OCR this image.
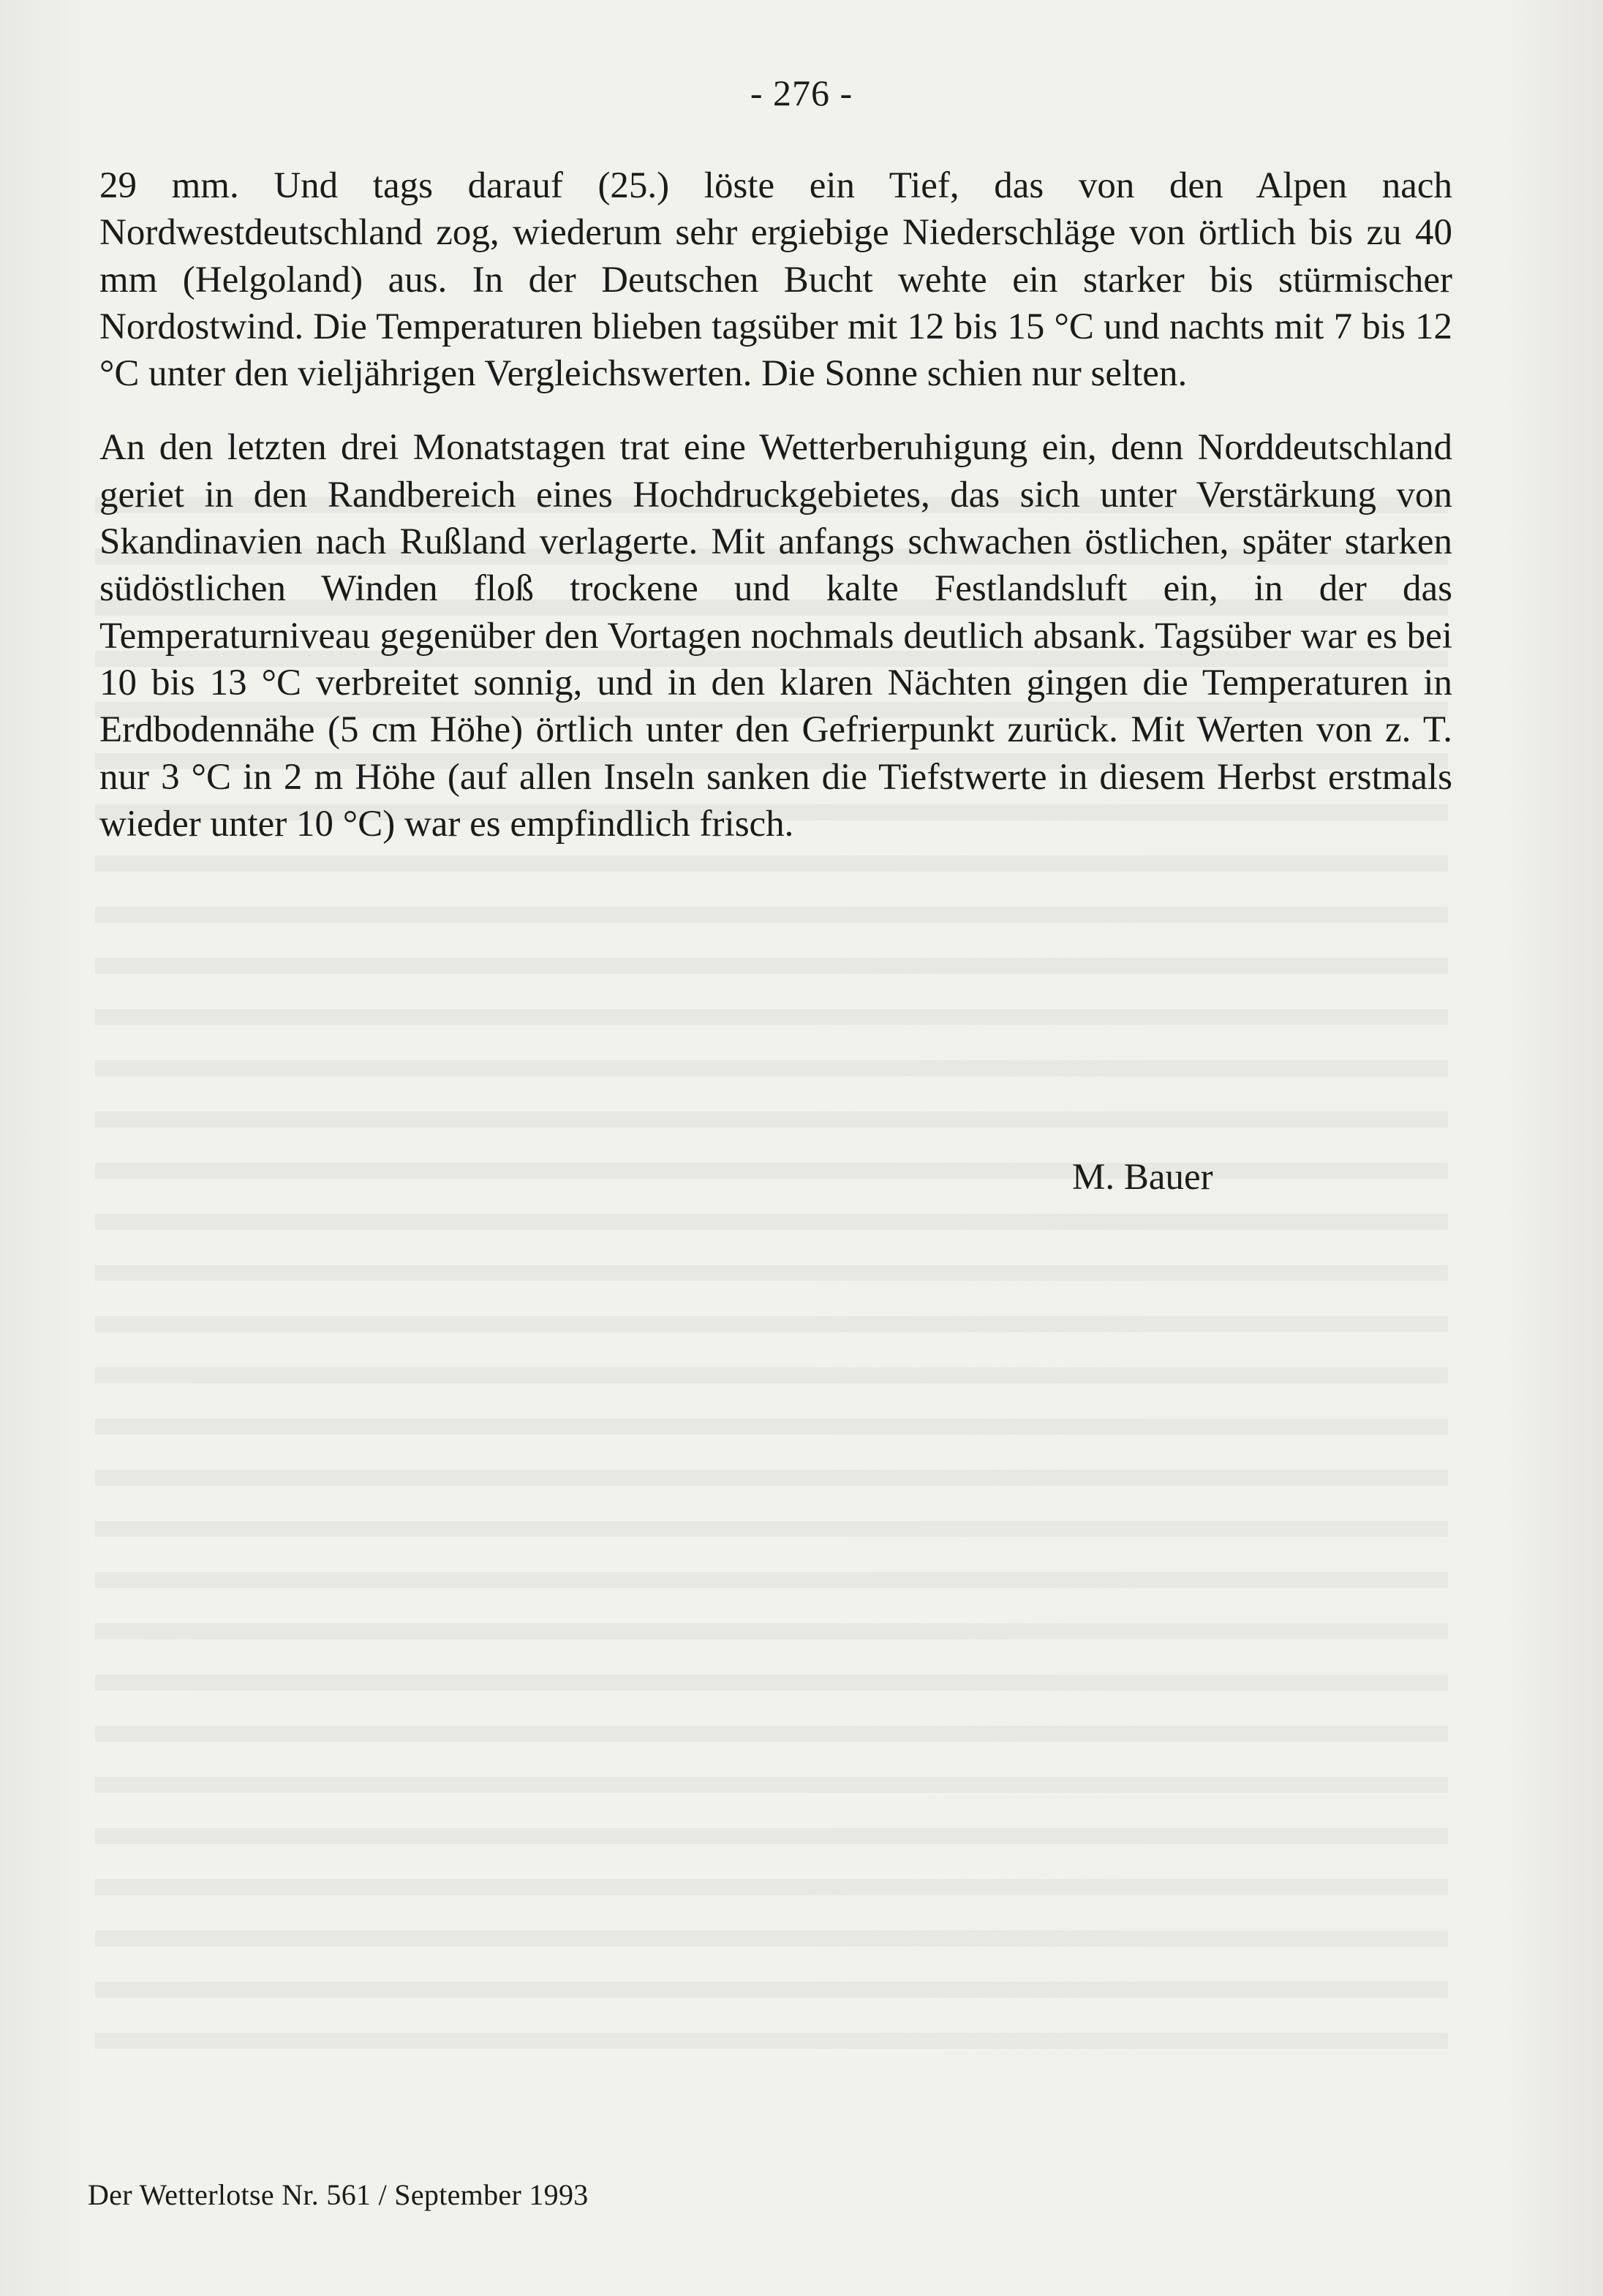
- 276 -

29 mm. Und tags darauf (25.) löste ein Tief, das von den Alpen nach Nordwestdeutschland zog, wiederum sehr ergiebige Niederschläge von örtlich bis zu 40 mm (Helgoland) aus. In der Deutschen Bucht wehte ein starker bis stürmischer Nordostwind. Die Temperaturen blieben tagsüber mit 12 bis 15 °C und nachts mit 7 bis 12 °C unter den vieljährigen Vergleichswerten. Die Sonne schien nur selten.

An den letzten drei Monatstagen trat eine Wetterberuhigung ein, denn Norddeutschland geriet in den Randbereich eines Hochdruckgebietes, das sich unter Verstärkung von Skandinavien nach Rußland verlagerte. Mit anfangs schwachen östlichen, später starken südöstlichen Winden floß trockene und kalte Festlandsluft ein, in der das Temperaturniveau gegenüber den Vortagen nochmals deutlich absank. Tagsüber war es bei 10 bis 13 °C verbreitet sonnig, und in den klaren Nächten gingen die Temperaturen in Erdbodennähe (5 cm Höhe) örtlich unter den Gefrierpunkt zurück. Mit Werten von z. T. nur 3 °C in 2 m Höhe (auf allen Inseln sanken die Tiefstwerte in diesem Herbst erstmals wieder unter 10 °C) war es empfindlich frisch.

M. Bauer
Der Wetterlotse Nr. 561 / September 1993
